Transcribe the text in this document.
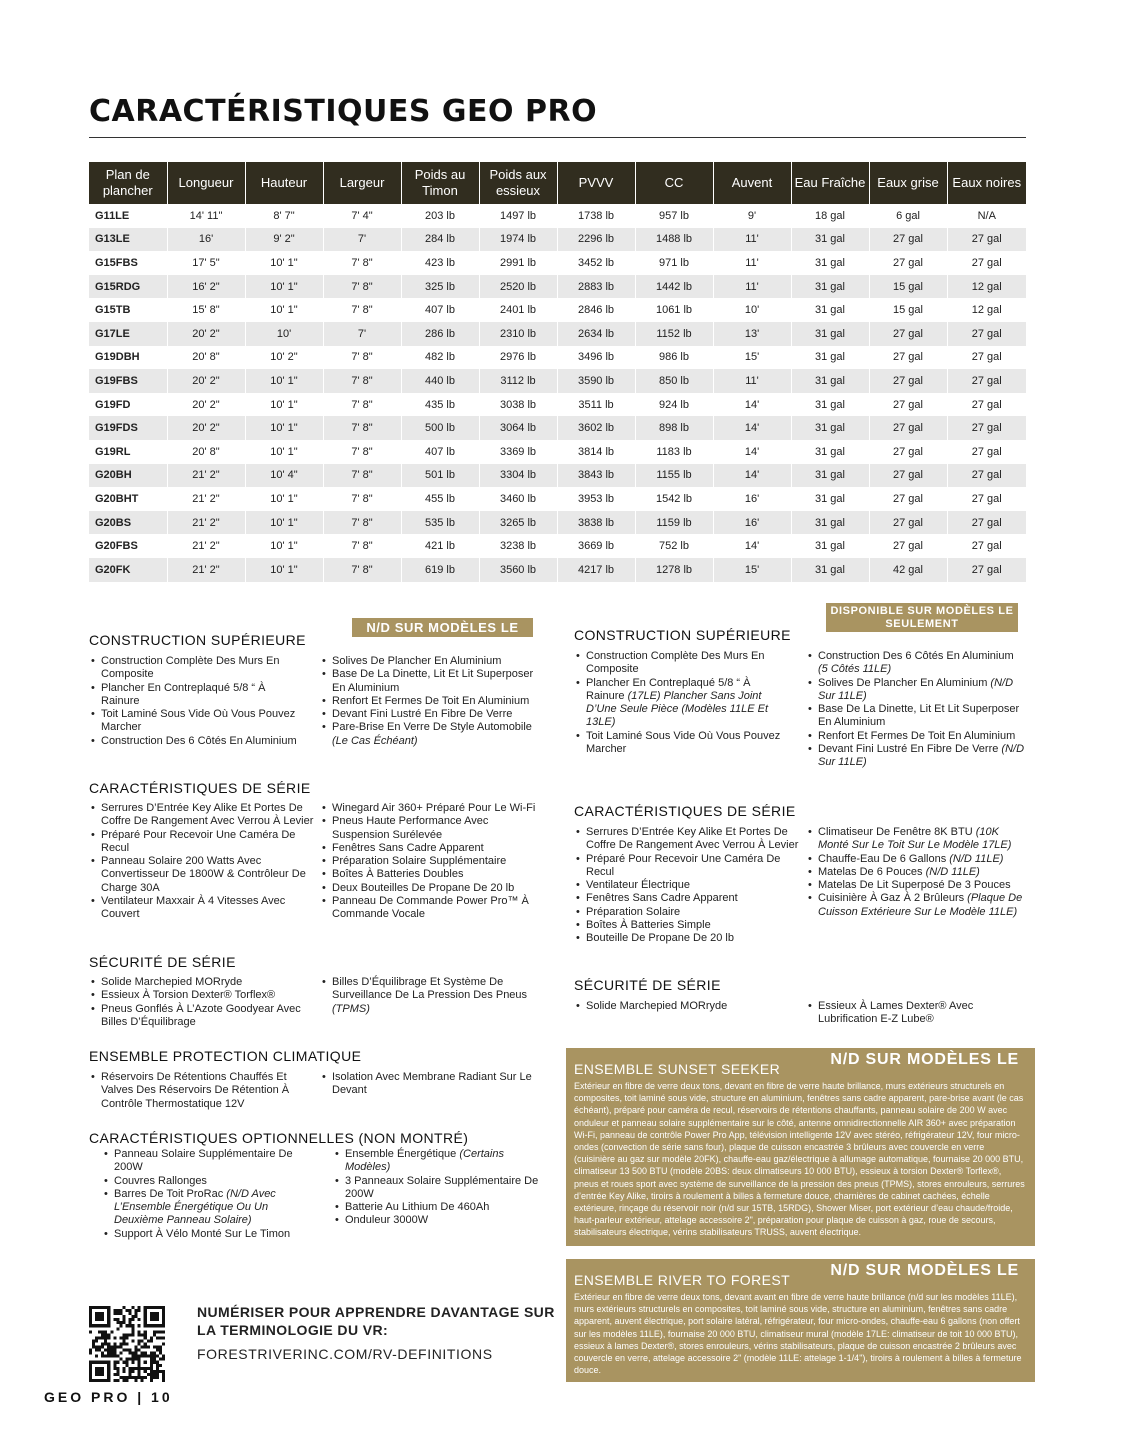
CARACTÉRISTIQUES GEO PRO
Plan de plancher	Longueur	Hauteur	Largeur	Poids au Timon	Poids aux essieux	PVVV	CC	Auvent	Eau Fraîche	Eaux grise	Eaux noires
G11LE	14' 11"	8' 7"	7' 4"	203 lb	1497 lb	1738 lb	957 lb	9'	18 gal	6 gal	N/A
G13LE	16'	9' 2"	7'	284 lb	1974 lb	2296 lb	1488 lb	11'	31 gal	27 gal	27 gal
G15FBS	17' 5"	10' 1"	7' 8"	423 lb	2991 lb	3452 lb	971 lb	11'	31 gal	27 gal	27 gal
G15RDG	16' 2"	10' 1"	7' 8"	325 lb	2520 lb	2883 lb	1442 lb	11'	31 gal	15 gal	12 gal
G15TB	15' 8"	10' 1"	7' 8"	407 lb	2401 lb	2846 lb	1061 lb	10'	31 gal	15 gal	12 gal
G17LE	20' 2"	10'	7'	286 lb	2310 lb	2634 lb	1152 lb	13'	31 gal	27 gal	27 gal
G19DBH	20' 8"	10' 2"	7' 8"	482 lb	2976 lb	3496 lb	986 lb	15'	31 gal	27 gal	27 gal
G19FBS	20' 2"	10' 1"	7' 8"	440 lb	3112 lb	3590 lb	850 lb	11'	31 gal	27 gal	27 gal
G19FD	20' 2"	10' 1"	7' 8"	435 lb	3038 lb	3511 lb	924 lb	14'	31 gal	27 gal	27 gal
G19FDS	20' 2"	10' 1"	7' 8"	500 lb	3064 lb	3602 lb	898 lb	14'	31 gal	27 gal	27 gal
G19RL	20' 8"	10' 1"	7' 8"	407 lb	3369 lb	3814 lb	1183 lb	14'	31 gal	27 gal	27 gal
G20BH	21' 2"	10' 4"	7' 8"	501 lb	3304 lb	3843 lb	1155 lb	14'	31 gal	27 gal	27 gal
G20BHT	21' 2"	10' 1"	7' 8"	455 lb	3460 lb	3953 lb	1542 lb	16'	31 gal	27 gal	27 gal
G20BS	21' 2"	10' 1"	7' 8"	535 lb	3265 lb	3838 lb	1159 lb	16'	31 gal	27 gal	27 gal
G20FBS	21' 2"	10' 1"	7' 8"	421 lb	3238 lb	3669 lb	752 lb	14'	31 gal	27 gal	27 gal
G20FK	21' 2"	10' 1"	7' 8"	619 lb	3560 lb	4217 lb	1278 lb	15'	31 gal	42 gal	27 gal
N/D SUR MODÈLES LE
CONSTRUCTION SUPÉRIEURE
• Construction Complète Des Murs En Composite
• Plancher En Contreplaqué 5/8 “ À Rainure
• Toit Laminé Sous Vide Où Vous Pouvez Marcher
• Construction Des 6 Côtés En Aluminium
• Solives De Plancher En Aluminium
• Base De La Dinette, Lit Et Lit Superposer En Aluminium
• Renfort Et Fermes De Toit En Aluminium
• Devant Fini Lustré En Fibre De Verre
• Pare-Brise En Verre De Style Automobile (Le Cas Échéant)
CARACTÉRISTIQUES DE SÉRIE
• Serrures D’Entrée Key Alike Et Portes De Coffre De Rangement Avec Verrou À Levier
• Préparé Pour Recevoir Une Caméra De Recul
• Panneau Solaire 200 Watts Avec Convertisseur De 1800W & Contrôleur De Charge 30A
• Ventilateur Maxxair À 4 Vitesses Avec Couvert
• Winegard Air 360+ Préparé Pour Le Wi-Fi
• Pneus Haute Performance Avec Suspension Surélevée
• Fenêtres Sans Cadre Apparent
• Préparation Solaire Supplémentaire
• Boîtes À Batteries Doubles
• Deux Bouteilles De Propane De 20 lb
• Panneau De Commande Power Pro™ À Commande Vocale
SÉCURITÉ DE SÉRIE
• Solide Marchepied MORryde
• Essieux À Torsion Dexter® Torflex®
• Pneus Gonflés À L’Azote Goodyear Avec Billes D’Équilibrage
• Billes D’Équilibrage Et Système De Surveillance De La Pression Des Pneus (TPMS)
ENSEMBLE PROTECTION CLIMATIQUE
• Réservoirs De Rétentions Chauffés Et Valves Des Réservoirs De Rétention À Contrôle Thermostatique 12V
• Isolation Avec Membrane Radiant Sur Le Devant
CARACTÉRISTIQUES OPTIONNELLES (NON MONTRÉ)
• Panneau Solaire Supplémentaire De 200W
• Couvres Rallonges
• Barres De Toit ProRac (N/D Avec L’Ensemble Énergétique Ou Un Deuxième Panneau Solaire)
• Support À Vélo Monté Sur Le Timon
• Ensemble Énergétique (Certains Modèles)
• 3 Panneaux Solaire Supplémentaire De 200W
• Batterie Au Lithium De 460Ah
• Onduleur 3000W
DISPONIBLE SUR MODÈLES LE SEULEMENT
CONSTRUCTION SUPÉRIEURE
• Construction Complète Des Murs En Composite
• Plancher En Contreplaqué 5/8 “ À Rainure (17LE) Plancher Sans Joint D’Une Seule Pièce (Modèles 11LE Et 13LE)
• Toit Laminé Sous Vide Où Vous Pouvez Marcher
• Construction Des 6 Côtés En Aluminium (5 Côtés 11LE)
• Solives De Plancher En Aluminium (N/D Sur 11LE)
• Base De La Dinette, Lit Et Lit Superposer En Aluminium
• Renfort Et Fermes De Toit En Aluminium
• Devant Fini Lustré En Fibre De Verre (N/D Sur 11LE)
CARACTÉRISTIQUES DE SÉRIE
• Serrures D’Entrée Key Alike Et Portes De Coffre De Rangement Avec Verrou À Levier
• Préparé Pour Recevoir Une Caméra De Recul
• Ventilateur Électrique
• Fenêtres Sans Cadre Apparent
• Préparation Solaire
• Boîtes À Batteries Simple
• Bouteille De Propane De 20 lb
• Climatiseur De Fenêtre 8K BTU (10K Monté Sur Le Toit Sur Le Modèle 17LE)
• Chauffe-Eau De 6 Gallons (N/D 11LE)
• Matelas De 6 Pouces (N/D 11LE)
• Matelas De Lit Superposé De 3 Pouces
• Cuisinière À Gaz À 2 Brûleurs (Plaque De Cuisson Extérieure Sur Le Modèle 11LE)
SÉCURITÉ DE SÉRIE
• Solide Marchepied MORryde	• Essieux À Lames Dexter® Avec Lubrification E-Z Lube®
ENSEMBLE SUNSET SEEKER
N/D SUR MODÈLES LE
Extérieur en fibre de verre deux tons, devant en fibre de verre haute brillance, murs extérieurs structurels en composites, toit laminé sous vide, structure en aluminium, fenêtres sans cadre apparent, pare-brise avant (le cas échéant), préparé pour caméra de recul, réservoirs de rétentions chauffants, panneau solaire de 200 W avec onduleur et panneau solaire supplémentaire sur le côté, antenne omnidirectionnelle AIR 360+ avec préparation Wi-Fi, panneau de contrôle Power Pro App, télévision intelligente 12V avec stéréo, réfrigérateur 12V, four micro-ondes (convection de série sans four), plaque de cuisson encastrée 3 brûleurs avec couvercle en verre (cuisinière au gaz sur modèle 20FK), chauffe-eau gaz/électrique à allumage automatique, fournaise 20 000 BTU, climatiseur 13 500 BTU (modèle 20BS: deux climatiseurs 10 000 BTU), essieux à torsion Dexter® Torflex®, pneus et roues sport avec système de surveillance de la pression des pneus (TPMS), stores enrouleurs, serrures d’entrée Key Alike, tiroirs à roulement à billes à fermeture douce, charnières de cabinet cachées, échelle extérieure, rinçage du réservoir noir (n/d sur 15TB, 15RDG), Shower Miser, port extérieur d’eau chaude/froide, haut-parleur extérieur, attelage accessoire 2", préparation pour plaque de cuisson à gaz, roue de secours, stabilisateurs électrique, vérins stabilisateurs TRUSS, auvent électrique.
ENSEMBLE RIVER TO FOREST
N/D SUR MODÈLES LE
Extérieur en fibre de verre deux tons, devant avant en fibre de verre haute brillance (n/d sur les modèles 11LE), murs extérieurs structurels en composites, toit laminé sous vide, structure en aluminium, fenêtres sans cadre apparent, auvent électrique, port solaire latéral, réfrigérateur, four micro-ondes, chauffe-eau 6 gallons (non offert sur les modèles 11LE), fournaise 20 000 BTU, climatiseur mural (modèle 17LE: climatiseur de toit 10 000 BTU), essieux à lames Dexter®, stores enrouleurs, vérins stabilisateurs, plaque de cuisson encastrée 2 brûleurs avec couvercle en verre, attelage accessoire 2" (modèle 11LE: attelage 1-1/4"), tiroirs à roulement à billes à fermeture douce.
NUMÉRISER POUR APPRENDRE DAVANTAGE SUR LA TERMINOLOGIE DU VR:
FORESTRIVERINC.COM/RV-DEFINITIONS
GEO PRO | 10
